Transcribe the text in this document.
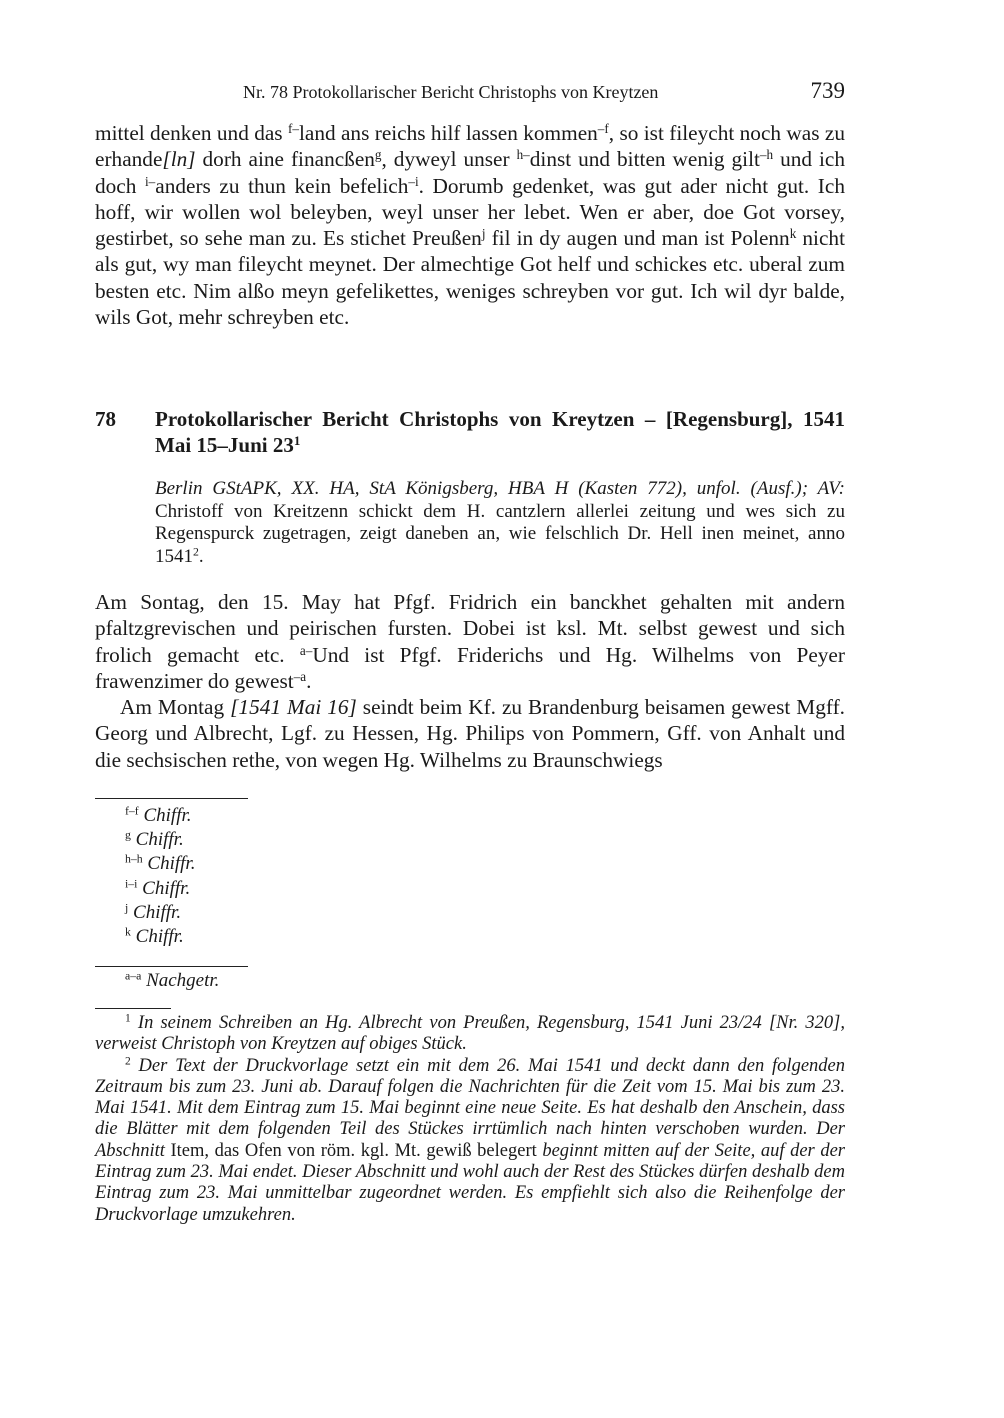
Nr. 78 Protokollarischer Bericht Christophs von Kreytzen	739
mittel denken und das $^{f-}$land ans reichs hilf lassen kommen$^{-f}$, so ist fileycht noch was zu erhande[ln] dorh aine financßen$^g$, dyweyl unser $^{h-}$dinst und bitten wenig gilt$^{-h}$ und ich doch $^{i-}$anders zu thun kein befelich$^{-i}$. Dorumb gedenket, was gut ader nicht gut. Ich hoff, wir wollen wol beleyben, weyl unser her lebet. Wen er aber, doe Got vorsey, gestirbet, so sehe man zu. Es stichet Preußen$^j$ fil in dy augen und man ist Polenn$^k$ nicht als gut, wy man fileycht meynet. Der almechtige Got helf und schickes etc. uberal zum besten etc. Nim alßo meyn gefelikettes, weniges schreyben vor gut. Ich wil dyr balde, wils Got, mehr schreyben etc.
78 Protokollarischer Bericht Christophs von Kreytzen – [Regensburg], 1541 Mai 15–Juni $23^1$
Berlin GStAPK, XX. HA, StA Königsberg, HBA H (Kasten 772), unfol. (Ausf.); AV: Christoff von Kreitzenn schickt dem H. cantzlern allerlei zeitung und wes sich zu Regenspurck zugetragen, zeigt daneben an, wie felschlich Dr. Hell inen meinet, anno 1541$^2$.
Am Sontag, den 15. May hat Pfgf. Fridrich ein banckhet gehalten mit andern pfaltzgrevischen und peirischen fursten. Dobei ist ksl. Mt. selbst gewest und sich frolich gemacht etc. $^{a-}$Und ist Pfgf. Friderichs und Hg. Wilhelms von Peyer frawenzimer do gewest$^{-a}$.
Am Montag [1541 Mai 16] seindt beim Kf. zu Brandenburg beisamen gewest Mgff. Georg und Albrecht, Lgf. zu Hessen, Hg. Philips von Pommern, Gff. von Anhalt und die sechsischen rethe, von wegen Hg. Wilhelms zu Braunschwiegs
$^{f-f}$ Chiffr.
$^g$ Chiffr.
$^{h-h}$ Chiffr.
$^{i-i}$ Chiffr.
$^j$ Chiffr.
$^k$ Chiffr.
$^{a-a}$ Nachgetr.

$^1$ In seinem Schreiben an Hg. Albrecht von Preußen, Regensburg, 1541 Juni 23/24 [Nr. 320], verweist Christoph von Kreytzen auf obiges Stück.

$^2$ Der Text der Druckvorlage setzt ein mit dem 26. Mai 1541 und deckt dann den folgenden Zeitraum bis zum 23. Juni ab. Darauf folgen die Nachrichten für die Zeit vom 15. Mai bis zum 23. Mai 1541. Mit dem Eintrag zum 15. Mai beginnt eine neue Seite. Es hat deshalb den Anschein, dass die Blätter mit dem folgenden Teil des Stückes irrtümlich nach hinten verschoben wurden. Der Abschnitt Item, das Ofen von röm. kgl. Mt. gewiß belegert beginnt mitten auf der Seite, auf der der Eintrag zum 23. Mai endet. Dieser Abschnitt und wohl auch der Rest des Stückes dürfen deshalb dem Eintrag zum 23. Mai unmittelbar zugeordnet werden. Es empfiehlt sich also die Reihenfolge der Druckvorlage umzukehren.
